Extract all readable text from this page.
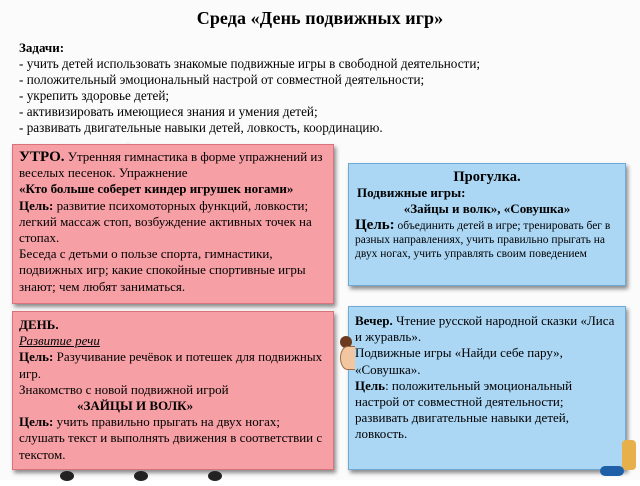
Среда «День подвижных игр»
Задачи:
- учить детей использовать знакомые подвижные игры в свободной деятельности;
- положительный эмоциональный настрой от совместной деятельности;
- укрепить здоровье детей;
- активизировать имеющиеся знания и умения детей;
- развивать двигательные навыки детей, ловкость, координацию.
УТРО. Утренняя гимнастика в форме упражнений из веселых песенок. Упражнение
«Кто больше соберет киндер игрушек ногами»
Цель: развитие психомоторных функций, ловкости; легкий массаж стоп, возбуждение активных точек на стопах.
Беседа с детьми о пользе спорта, гимнастики, подвижных игр; какие спокойные спортивные игры знают; чем любят заниматься.
Прогулка.
Подвижные игры:
«Зайцы и волк», «Совушка»
Цель: объединить детей в игре; тренировать бег в разных направлениях, учить правильно прыгать на двух ногах, учить управлять своим поведением
ДЕНЬ.
Развитие речи
Цель: Разучивание речёвок и потешек для подвижных игр.
Знакомство с новой подвижной игрой
«ЗАЙЦЫ И ВОЛК»
Цель: учить правильно прыгать на двух ногах; слушать текст и выполнять движения в соответствии с текстом.
Вечер. Чтение русской народной сказки «Лиса и журавль».
Подвижные игры «Найди себе пару», «Совушка».
Цель: положительный эмоциональный настрой от совместной деятельности; развивать двигательные навыки детей, ловкость.
